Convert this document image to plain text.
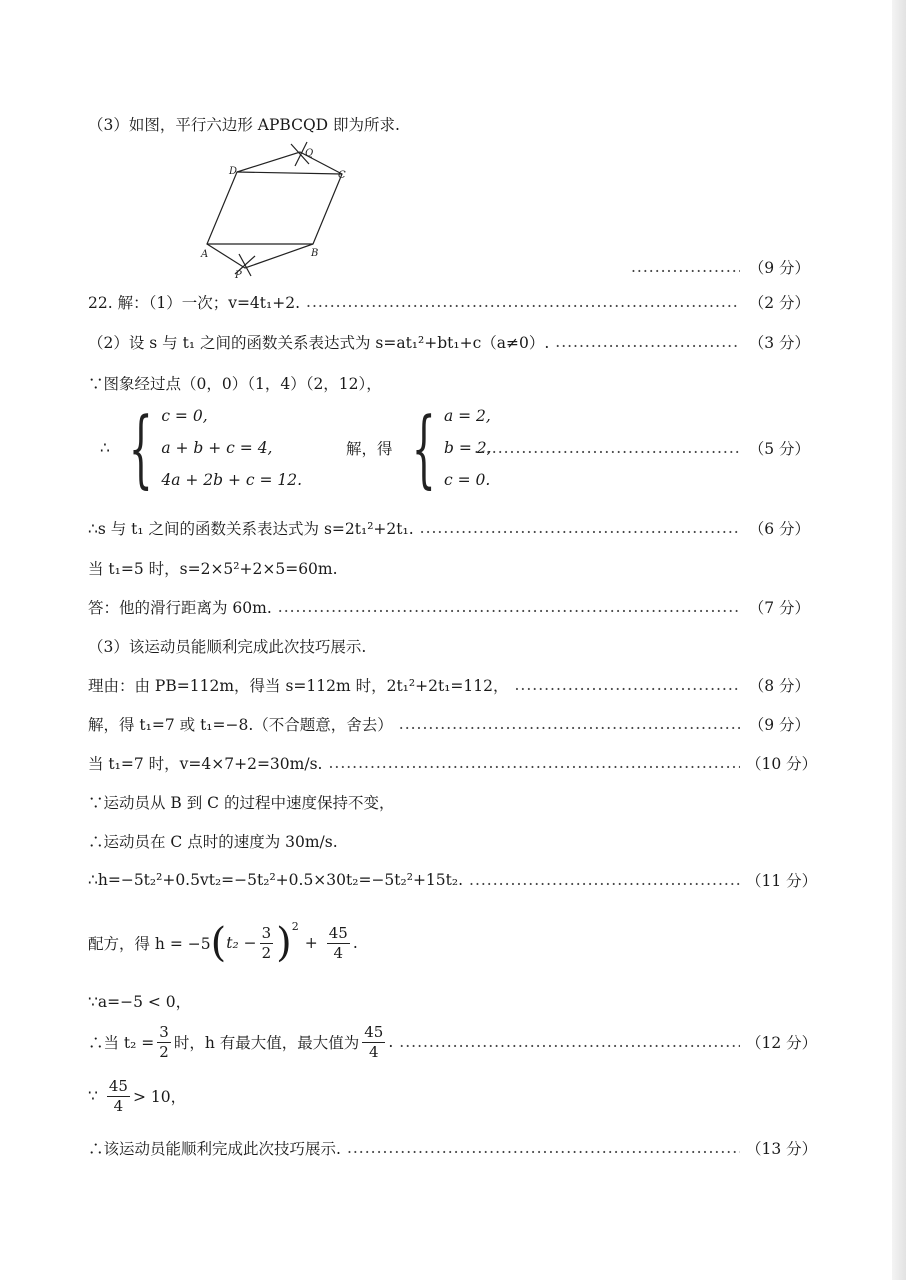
（3）如图，平行六边形 APBCQD 即为所求.
D
Q
C
A
P
B
.....
（9 分）
22. 解：（1）一次；v=4t₁+2. .....	（2 分）
（2）设 s 与 t₁ 之间的函数关系表达式为 s=at₁²+bt₁+c（a≠0）. .....	（3 分）
∵图象经过点（0，0）（1，4）（2，12），
∴ { c = 0,
a + b + c = 4,
4a + 2b + c = 12.
解，得 { a = 2,
b = 2,
c = 0.
.....
（5 分）
∴s 与 t₁ 之间的函数关系表达式为 s=2t₁²+2t₁. .....	（6 分）
当 t₁=5 时，s=2×5²+2×5=60m.
答：他的滑行距离为 60m. .....	（7 分）
（3）该运动员能顺利完成此次技巧展示.
理由：由 PB=112m，得当 s=112m 时，2t₁²+2t₁=112， .....	（8 分）
解，得 t₁=7 或 t₁=−8.（不合题意，舍去） .....	（9 分）
当 t₁=7 时，v=4×7+2=30m/s. .....	（10 分）
∵运动员从 B 到 C 的过程中速度保持不变，
∴运动员在 C 点时的速度为 30m/s.
∴h=−5t₂²+0.5vt₂=−5t₂²+0.5×30t₂=−5t₂²+15t₂. .....	（11 分）
配方，得 h = −5 ( $t_2 - \frac{3}{2}$ ) 2
+ $\frac{45}{4}$ .
∵a=−5 < 0，
∴当 $t_2 = \frac{3}{2}$ 时，h 有最大值，最大值为 $\frac{45}{4}$ . .....	（12 分）
∵ $\frac{45}{4} > 10$，
∴该运动员能顺利完成此次技巧展示. .....	（13 分）
